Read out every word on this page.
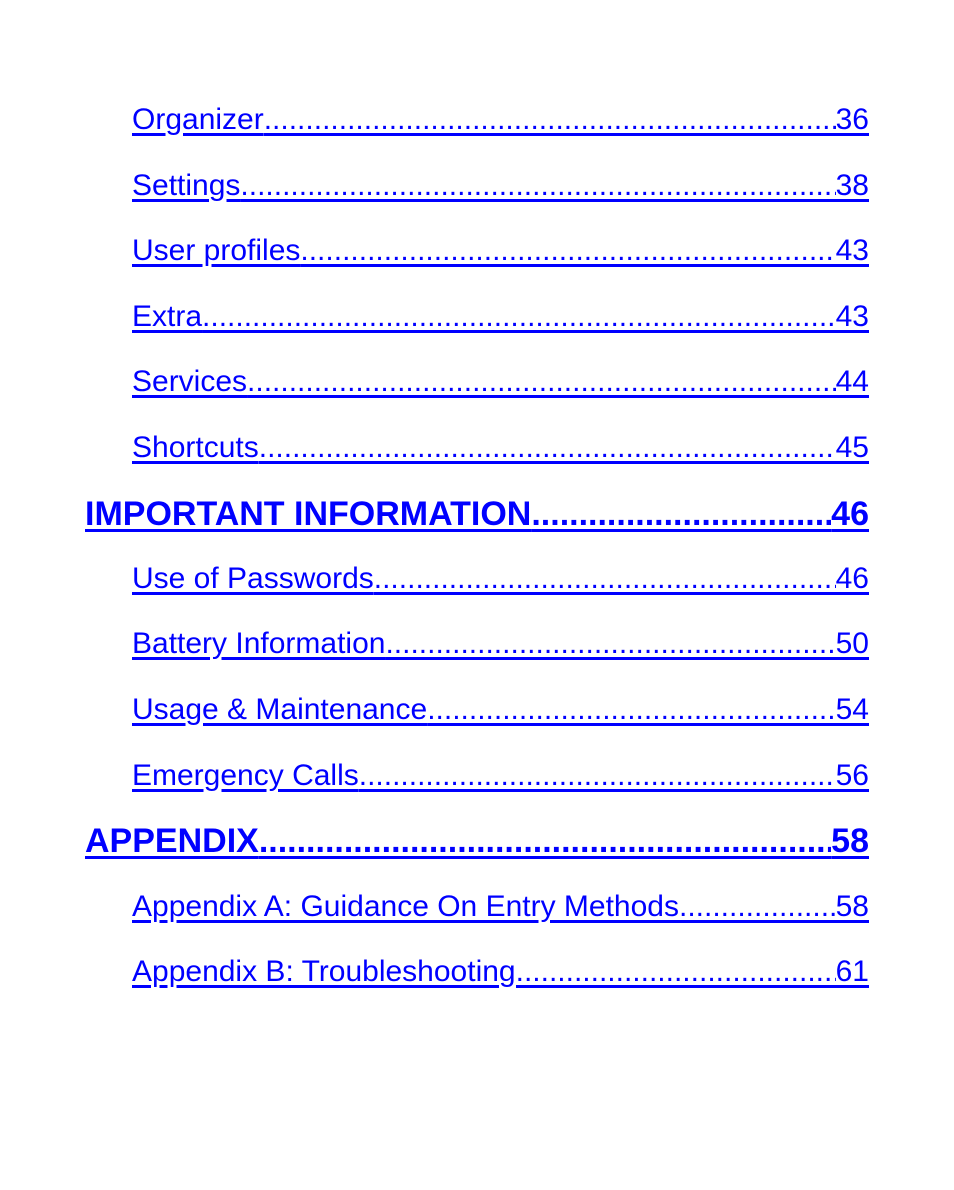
Organizer .....	36
Settings .....	38
User profiles .....	43
Extra .....	43
Services .....	44
Shortcuts .....	45
IMPORTANT INFORMATION .....	46
Use of Passwords .....	46
Battery Information .....	50
Usage & Maintenance .....	54
Emergency Calls .....	56
APPENDIX .....	58
Appendix A: Guidance On Entry Methods .....	58
Appendix B: Troubleshooting .....	61
